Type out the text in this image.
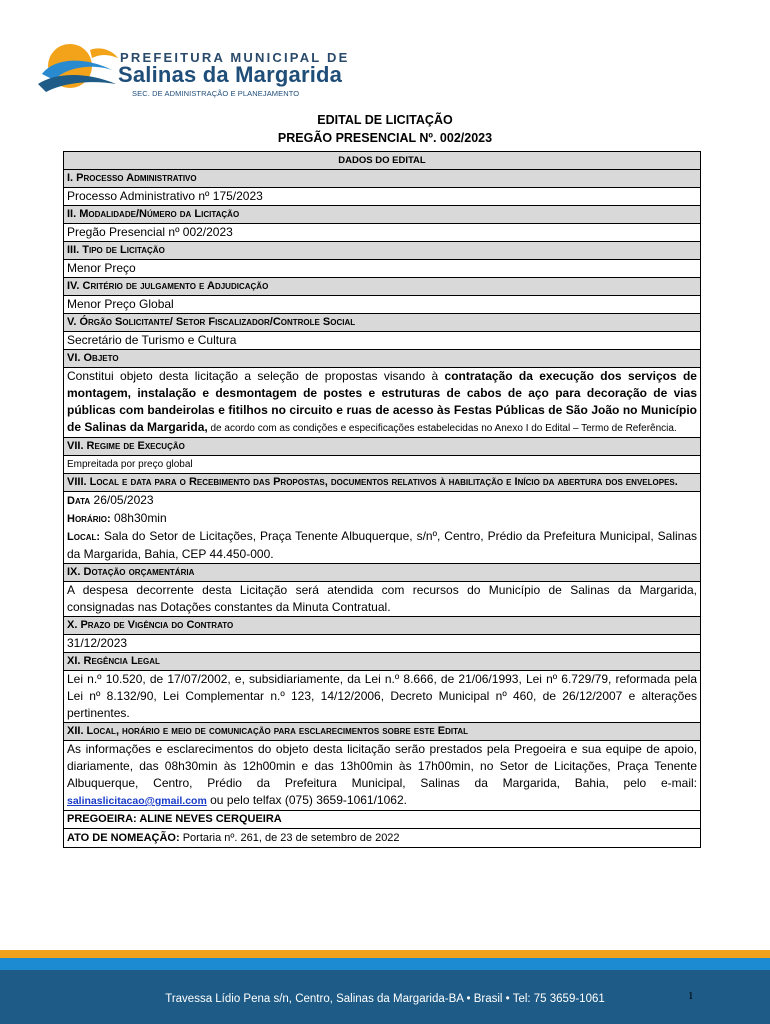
PREFEITURA MUNICIPAL DE
Salinas da Margarida
SEC. DE ADMINISTRAÇÃO E PLANEJAMENTO
EDITAL DE LICITAÇÃO
PREGÃO PRESENCIAL Nº. 002/2023
DADOS DO EDITAL
I. Processo Administrativo
Processo Administrativo nº 175/2023
II. Modalidade/Número da Licitação
Pregão Presencial nº 002/2023
III. Tipo de Licitação
Menor Preço
IV. Critério de julgamento e Adjudicação
Menor Preço Global
V. Órgão Solicitante/ Setor Fiscalizador/Controle Social
Secretário de Turismo e Cultura
VI. Objeto
Constitui objeto desta licitação a seleção de propostas visando à contratação da execução dos serviços de montagem, instalação e desmontagem de postes e estruturas de cabos de aço para decoração de vias públicas com bandeirolas e fitilhos no circuito e ruas de acesso às Festas Públicas de São João no Município de Salinas da Margarida, de acordo com as condições e especificações estabelecidas no Anexo I do Edital – Termo de Referência.
VII. Regime de Execução
Empreitada por preço global
VIII. Local e data para o Recebimento das Propostas, documentos relativos à habilitação e Início da abertura dos envelopes.
Data 26/05/2023
Horário: 08h30min
Local: Sala do Setor de Licitações, Praça Tenente Albuquerque, s/nº, Centro, Prédio da Prefeitura Municipal, Salinas da Margarida, Bahia, CEP 44.450-000.
IX. Dotação orçamentária
A despesa decorrente desta Licitação será atendida com recursos do Município de Salinas da Margarida, consignadas nas Dotações constantes da Minuta Contratual.
X. Prazo de Vigência do Contrato
31/12/2023
XI. Regência Legal
Lei n.º 10.520, de 17/07/2002, e, subsidiariamente, da Lei n.º 8.666, de 21/06/1993, Lei nº 6.729/79, reformada pela Lei nº 8.132/90, Lei Complementar n.º 123, 14/12/2006, Decreto Municipal nº 460, de 26/12/2007 e alterações pertinentes.
XII. Local, horário e meio de comunicação para esclarecimentos sobre este Edital
As informações e esclarecimentos do objeto desta licitação serão prestados pela Pregoeira e sua equipe de apoio, diariamente, das 08h30min às 12h00min e das 13h00min às 17h00min, no Setor de Licitações, Praça Tenente Albuquerque, Centro, Prédio da Prefeitura Municipal, Salinas da Margarida, Bahia, pelo e-mail: salinaslicitacao@gmail.com ou pelo telfax (075) 3659-1061/1062.
PREGOEIRA: ALINE NEVES CERQUEIRA
ATO DE NOMEAÇÃO: Portaria nº. 261, de 23 de setembro de 2022
Travessa Lídio Pena s/n, Centro, Salinas da Margarida-BA • Brasil • Tel: 75 3659-1061	1
